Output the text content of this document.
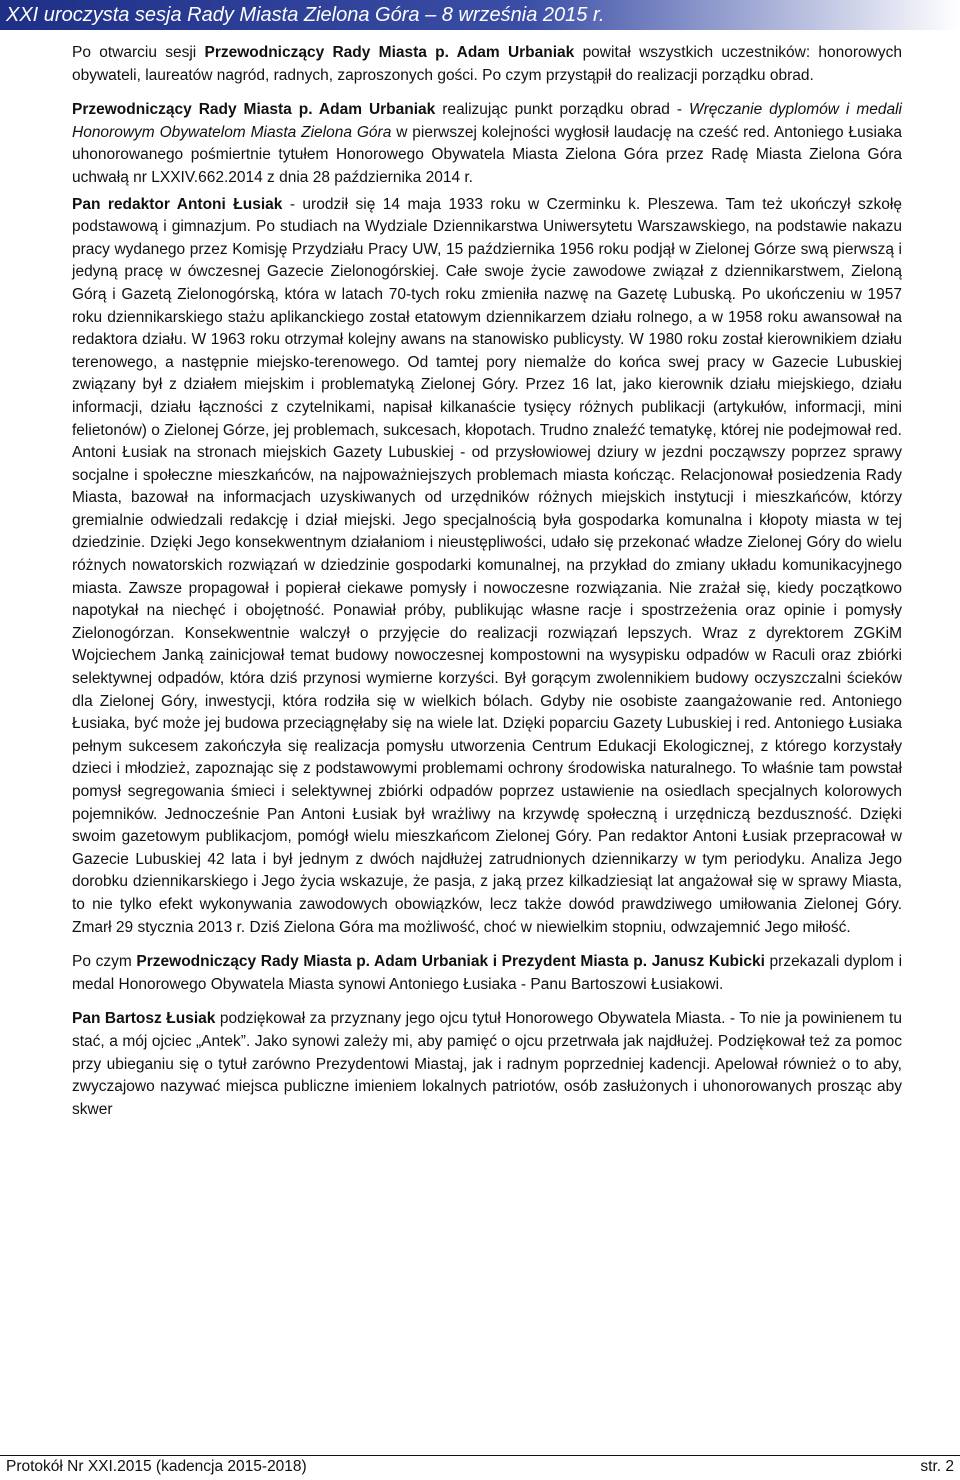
XXI uroczysta sesja Rady Miasta Zielona Góra – 8 września 2015 r.

Po otwarciu sesji Przewodniczący Rady Miasta p. Adam Urbaniak powitał wszystkich uczestników: honorowych obywateli, laureatów nagród, radnych, zaproszonych gości. Po czym przystąpił do realizacji porządku obrad.

Przewodniczący Rady Miasta p. Adam Urbaniak realizując punkt porządku obrad - Wręczanie dyplomów i medali Honorowym Obywatelom Miasta Zielona Góra w pierwszej kolejności wygłosił laudację na cześć red. Antoniego Łusiaka uhonorowanego pośmiertnie tytułem Honorowego Obywatela Miasta Zielona Góra przez Radę Miasta Zielona Góra uchwałą nr LXXIV.662.2014 z dnia 28 października 2014 r.

Pan redaktor Antoni Łusiak - urodził się 14 maja 1933 roku w Czerminku k. Pleszewa. Tam też ukończył szkołę podstawową i gimnazjum. Po studiach na Wydziale Dziennikarstwa Uniwersytetu Warszawskiego, na podstawie nakazu pracy wydanego przez Komisję Przydziału Pracy UW, 15 października 1956 roku podjął w Zielonej Górze swą pierwszą i jedyną pracę w ówczesnej Gazecie Zielonogórskiej. Całe swoje życie zawodowe związał z dziennikarstwem, Zieloną Górą i Gazetą Zielonogórską, która w latach 70-tych roku zmieniła nazwę na Gazetę Lubuską. Po ukończeniu w 1957 roku dziennikarskiego stażu aplikanckiego został etatowym dziennikarzem działu rolnego, a w 1958 roku awansował na redaktora działu. W 1963 roku otrzymał kolejny awans na stanowisko publicysty. W 1980 roku został kierownikiem działu terenowego, a następnie miejsko-terenowego. Od tamtej pory niemalże do końca swej pracy w Gazecie Lubuskiej związany był z działem miejskim i problematyką Zielonej Góry. Przez 16 lat, jako kierownik działu miejskiego, działu informacji, działu łączności z czytelnikami, napisał kilkanaście tysięcy różnych publikacji (artykułów, informacji, mini felietonów) o Zielonej Górze, jej problemach, sukcesach, kłopotach. Trudno znaleźć tematykę, której nie podejmował red. Antoni Łusiak na stronach miejskich Gazety Lubuskiej - od przysłowiowej dziury w jezdni począwszy poprzez sprawy socjalne i społeczne mieszkańców, na najpoważniejszych problemach miasta kończąc. Relacjonował posiedzenia Rady Miasta, bazował na informacjach uzyskiwanych od urzędników różnych miejskich instytucji i mieszkańców, którzy gremialnie odwiedzali redakcję i dział miejski. Jego specjalnością była gospodarka komunalna i kłopoty miasta w tej dziedzinie. Dzięki Jego konsekwentnym działaniom i nieustępliwości, udało się przekonać władze Zielonej Góry do wielu różnych nowatorskich rozwiązań w dziedzinie gospodarki komunalnej, na przykład do zmiany układu komunikacyjnego miasta. Zawsze propagował i popierał ciekawe pomysły i nowoczesne rozwiązania. Nie zrażał się, kiedy początkowo napotykał na niechęć i obojętność. Ponawiał próby, publikując własne racje i spostrzeżenia oraz opinie i pomysły Zielonogórzan. Konsekwentnie walczył o przyjęcie do realizacji rozwiązań lepszych. Wraz z dyrektorem ZGKiM Wojciechem Janką zainicjował temat budowy nowoczesnej kompostowni na wysypisku odpadów w Raculi oraz zbiórki selektywnej odpadów, która dziś przynosi wymierne korzyści. Był gorącym zwolennikiem budowy oczyszczalni ścieków dla Zielonej Góry, inwestycji, która rodziła się w wielkich bólach. Gdyby nie osobiste zaangażowanie red. Antoniego Łusiaka, być może jej budowa przeciągnęłaby się na wiele lat. Dzięki poparciu Gazety Lubuskiej i red. Antoniego Łusiaka pełnym sukcesem zakończyła się realizacja pomysłu utworzenia Centrum Edukacji Ekologicznej, z którego korzystały dzieci i młodzież, zapoznając się z podstawowymi problemami ochrony środowiska naturalnego. To właśnie tam powstał pomysł segregowania śmieci i selektywnej zbiórki odpadów poprzez ustawienie na osiedlach specjalnych kolorowych pojemników. Jednocześnie Pan Antoni Łusiak był wrażliwy na krzywdę społeczną i urzędniczą bezduszność. Dzięki swoim gazetowym publikacjom, pomógł wielu mieszkańcom Zielonej Góry. Pan redaktor Antoni Łusiak przepracował w Gazecie Lubuskiej 42 lata i był jednym z dwóch najdłużej zatrudnionych dziennikarzy w tym periodyku. Analiza Jego dorobku dziennikarskiego i Jego życia wskazuje, że pasja, z jaką przez kilkadziesiąt lat angażował się w sprawy Miasta, to nie tylko efekt wykonywania zawodowych obowiązków, lecz także dowód prawdziwego umiłowania Zielonej Góry. Zmarł 29 stycznia 2013 r. Dziś Zielona Góra ma możliwość, choć w niewielkim stopniu, odwzajemnić Jego miłość.

Po czym Przewodniczący Rady Miasta p. Adam Urbaniak i Prezydent Miasta p. Janusz Kubicki przekazali dyplom i medal Honorowego Obywatela Miasta synowi Antoniego Łusiaka - Panu Bartoszowi Łusiakowi.

Pan Bartosz Łusiak podziękował za przyznany jego ojcu tytuł Honorowego Obywatela Miasta. - To nie ja powinienem tu stać, a mój ojciec „Antek”. Jako synowi zależy mi, aby pamięć o ojcu przetrwała jak najdłużej. Podziękował też za pomoc przy ubieganiu się o tytuł zarówno Prezydentowi Miastaj, jak i radnym poprzedniej kadencji. Apelował również o to aby, zwyczajowo nazywać miejsca publiczne imieniem lokalnych patriotów, osób zasłużonych i uhonorowanych prosząc aby skwer

Protokół Nr XXI.2015 (kadencja 2015-2018)	str. 2
